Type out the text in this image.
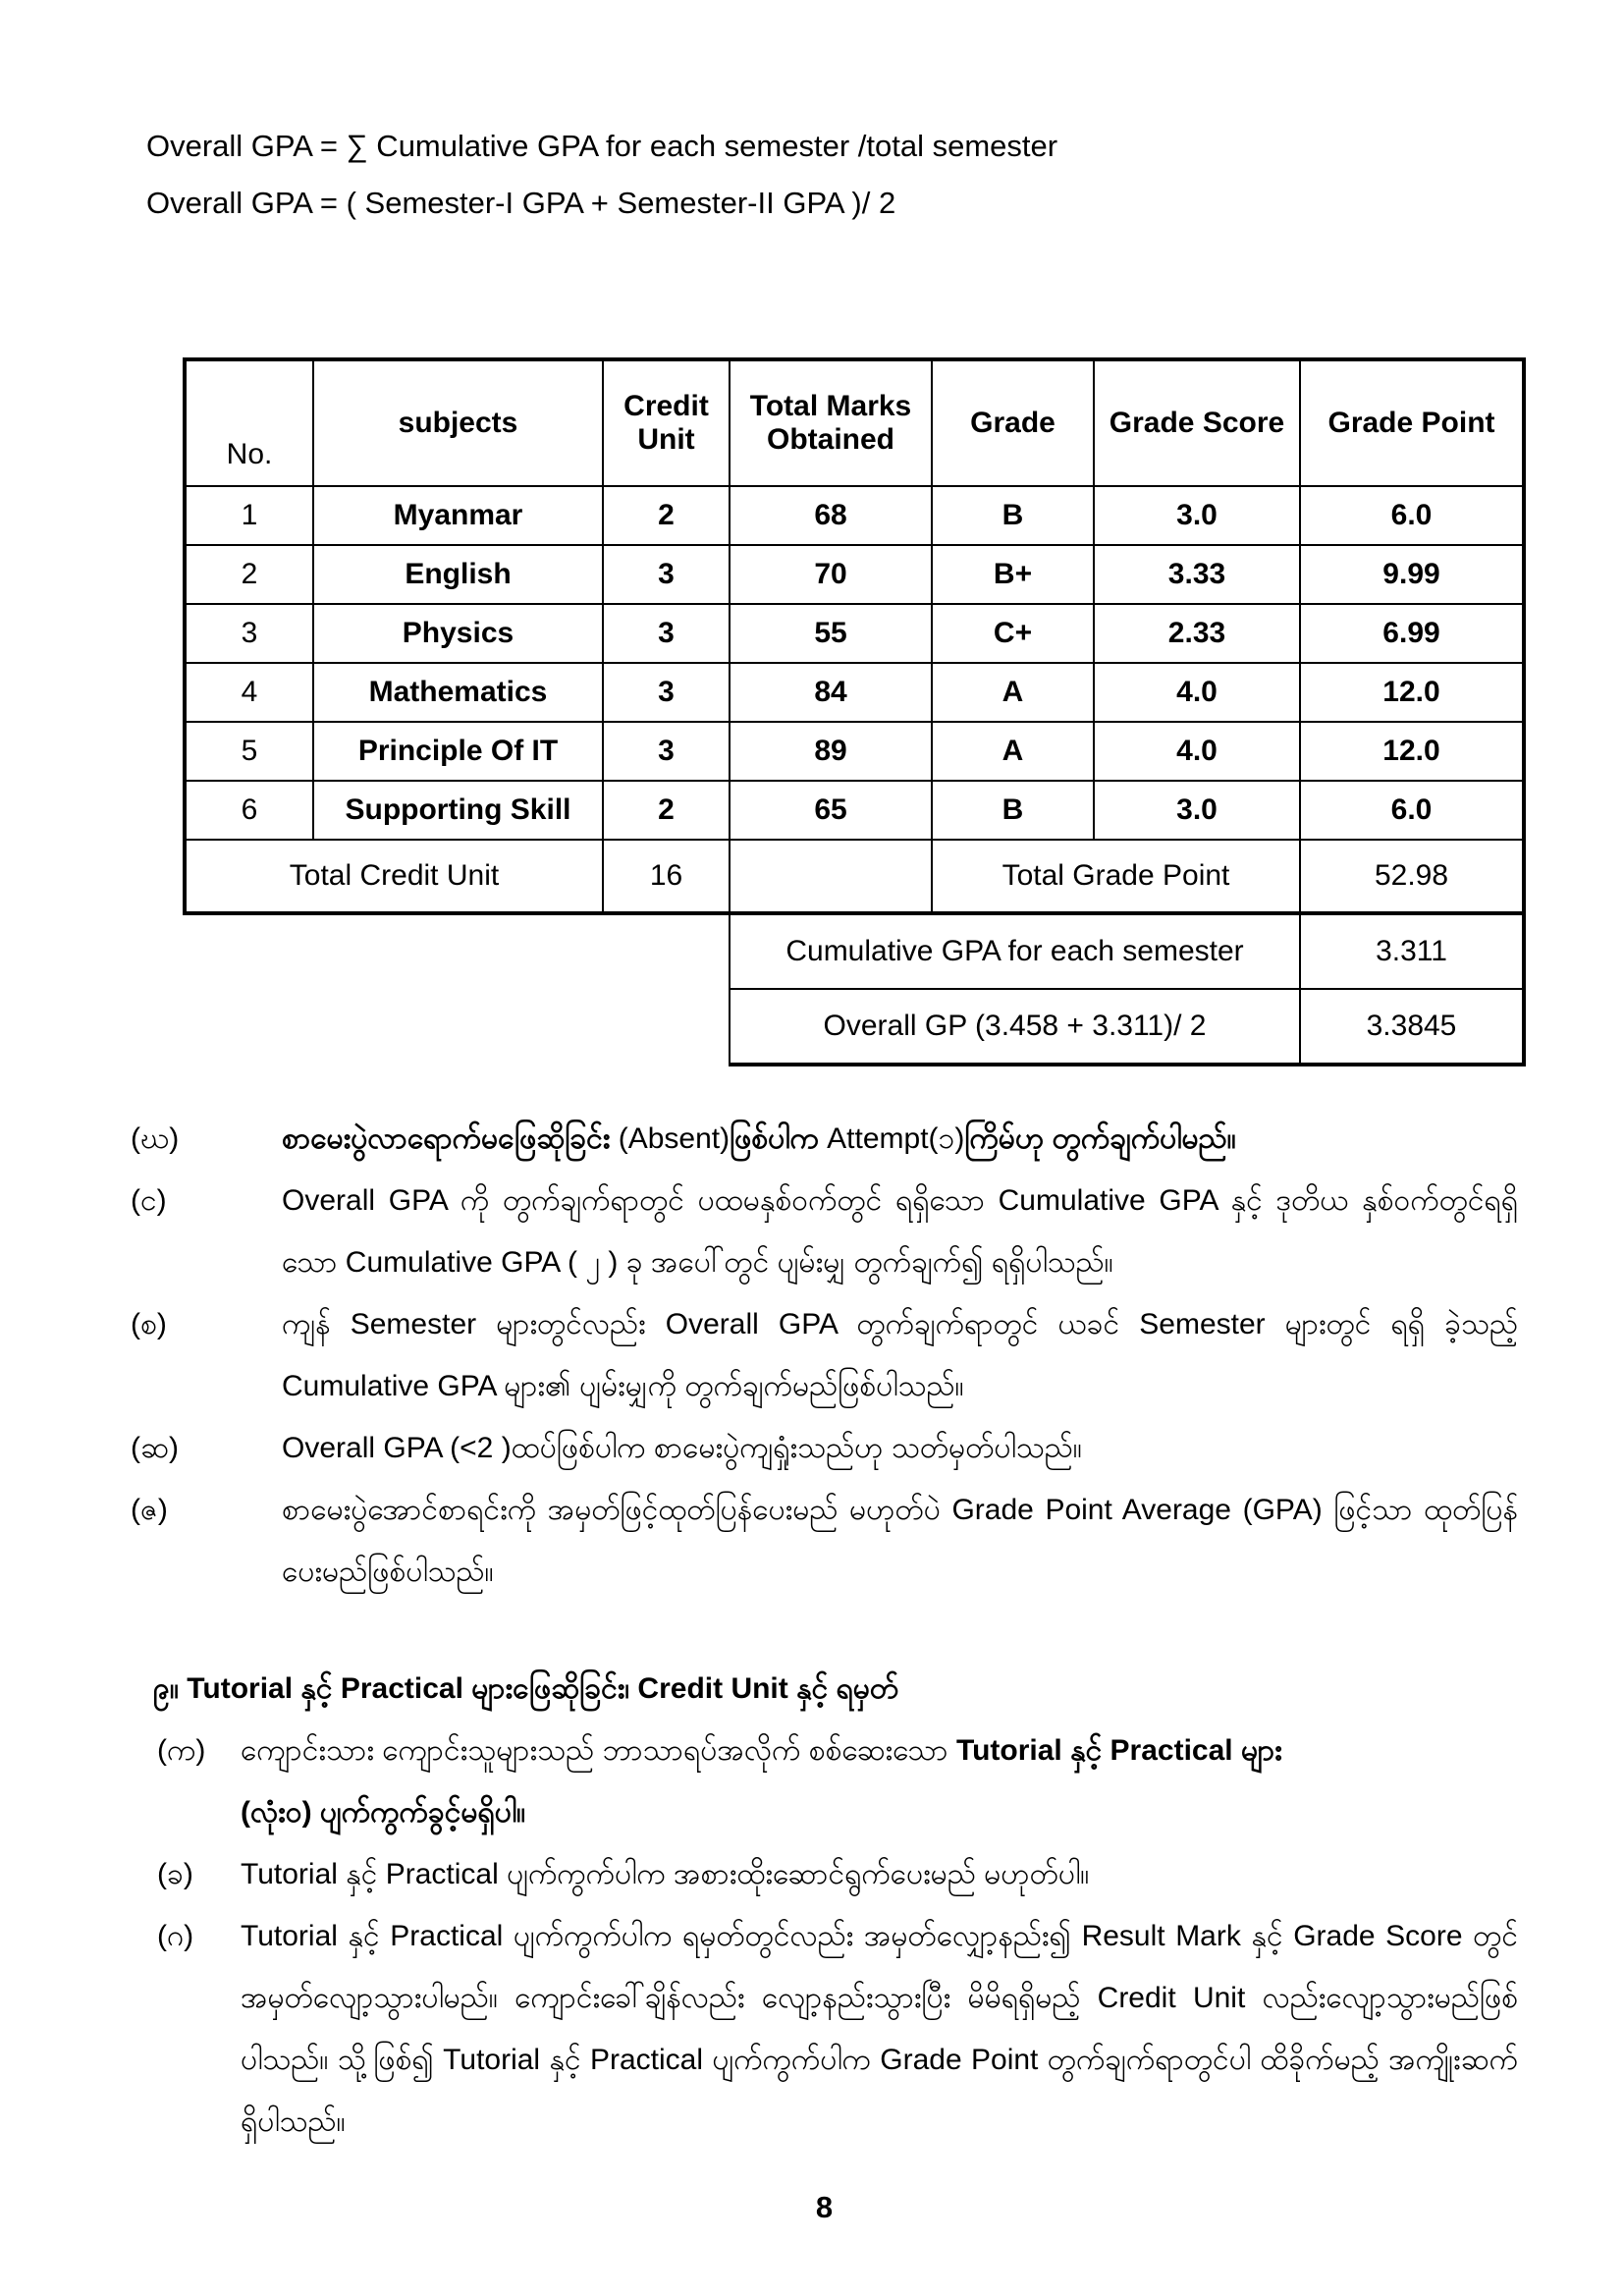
Overall GPA = ∑ Cumulative GPA for each semester /total semester
Overall GPA = ( Semester-I GPA + Semester-II GPA )/ 2
No.	subjects	Credit Unit	Total Marks Obtained	Grade	Grade Score	Grade Point
1	Myanmar	2	68	B	3.0	6.0
2	English	3	70	B+	3.33	9.99
3	Physics	3	55	C+	2.33	6.99
4	Mathematics	3	84	A	4.0	12.0
5	Principle Of IT	3	89	A	4.0	12.0
6	Supporting Skill	2	65	B	3.0	6.0
Total Credit Unit		16		Total Grade Point		52.98
			Cumulative GPA for each semester			3.311
			Overall GP (3.458 + 3.311)/ 2			3.3845
(ဃ)	စာမေးပွဲလာရောက်မဖြေဆိုခြင်း (Absent)ဖြစ်ပါက Attempt(၁)ကြိမ်ဟု တွက်ချက်ပါမည်။
(င)	Overall GPA ကို တွက်ချက်ရာတွင် ပထမနှစ်ဝက်တွင် ရရှိသော Cumulative GPA နှင့် ဒုတိယ နှစ်ဝက်တွင်ရရှိသော Cumulative GPA ( ၂ ) ခု အပေါ်တွင် ပျမ်းမျှ တွက်ချက်၍ ရရှိပါသည်။
(စ)	ကျန် Semester များတွင်လည်း Overall GPA တွက်ချက်ရာတွင် ယခင် Semester များတွင် ရရှိ ခဲ့သည့် Cumulative GPA များ၏ ပျမ်းမျှကို တွက်ချက်မည်ဖြစ်ပါသည်။
(ဆ)	Overall GPA (<2 )ထပ်ဖြစ်ပါက စာမေးပွဲကျရှုံးသည်ဟု သတ်မှတ်ပါသည်။
(ဇ)	စာမေးပွဲအောင်စာရင်းကို အမှတ်ဖြင့်ထုတ်ပြန်ပေးမည် မဟုတ်ပဲ Grade Point Average (GPA) ဖြင့်သာ ထုတ်ပြန်ပေးမည်ဖြစ်ပါသည်။
၉။ Tutorial နှင့် Practical များဖြေဆိုခြင်း၊ Credit Unit နှင့် ရမှတ်
(က)	ကျောင်းသား ကျောင်းသူများသည် ဘာသာရပ်အလိုက် စစ်ဆေးသော Tutorial နှင့် Practical များ
(လုံးဝ) ပျက်ကွက်ခွင့်မရှိပါ။
(ခ)	Tutorial နှင့် Practical ပျက်ကွက်ပါက အစားထိုးဆောင်ရွက်ပေးမည် မဟုတ်ပါ။
(ဂ)	Tutorial နှင့် Practical ပျက်ကွက်ပါက ရမှတ်တွင်လည်း အမှတ်လျှော့နည်း၍ Result Mark နှင့် Grade Score တွင် အမှတ်လျော့သွားပါမည်။ ကျောင်းခေါ်ချိန်လည်း လျော့နည်းသွားပြီး မိမိရရှိမည့် Credit Unit လည်းလျော့သွားမည်ဖြစ်ပါသည်။ သို့ဖြစ်၍ Tutorial နှင့် Practical ပျက်ကွက်ပါက Grade Point တွက်ချက်ရာတွင်ပါ ထိခိုက်မည့် အကျိုးဆက်ရှိပါသည်။
8
